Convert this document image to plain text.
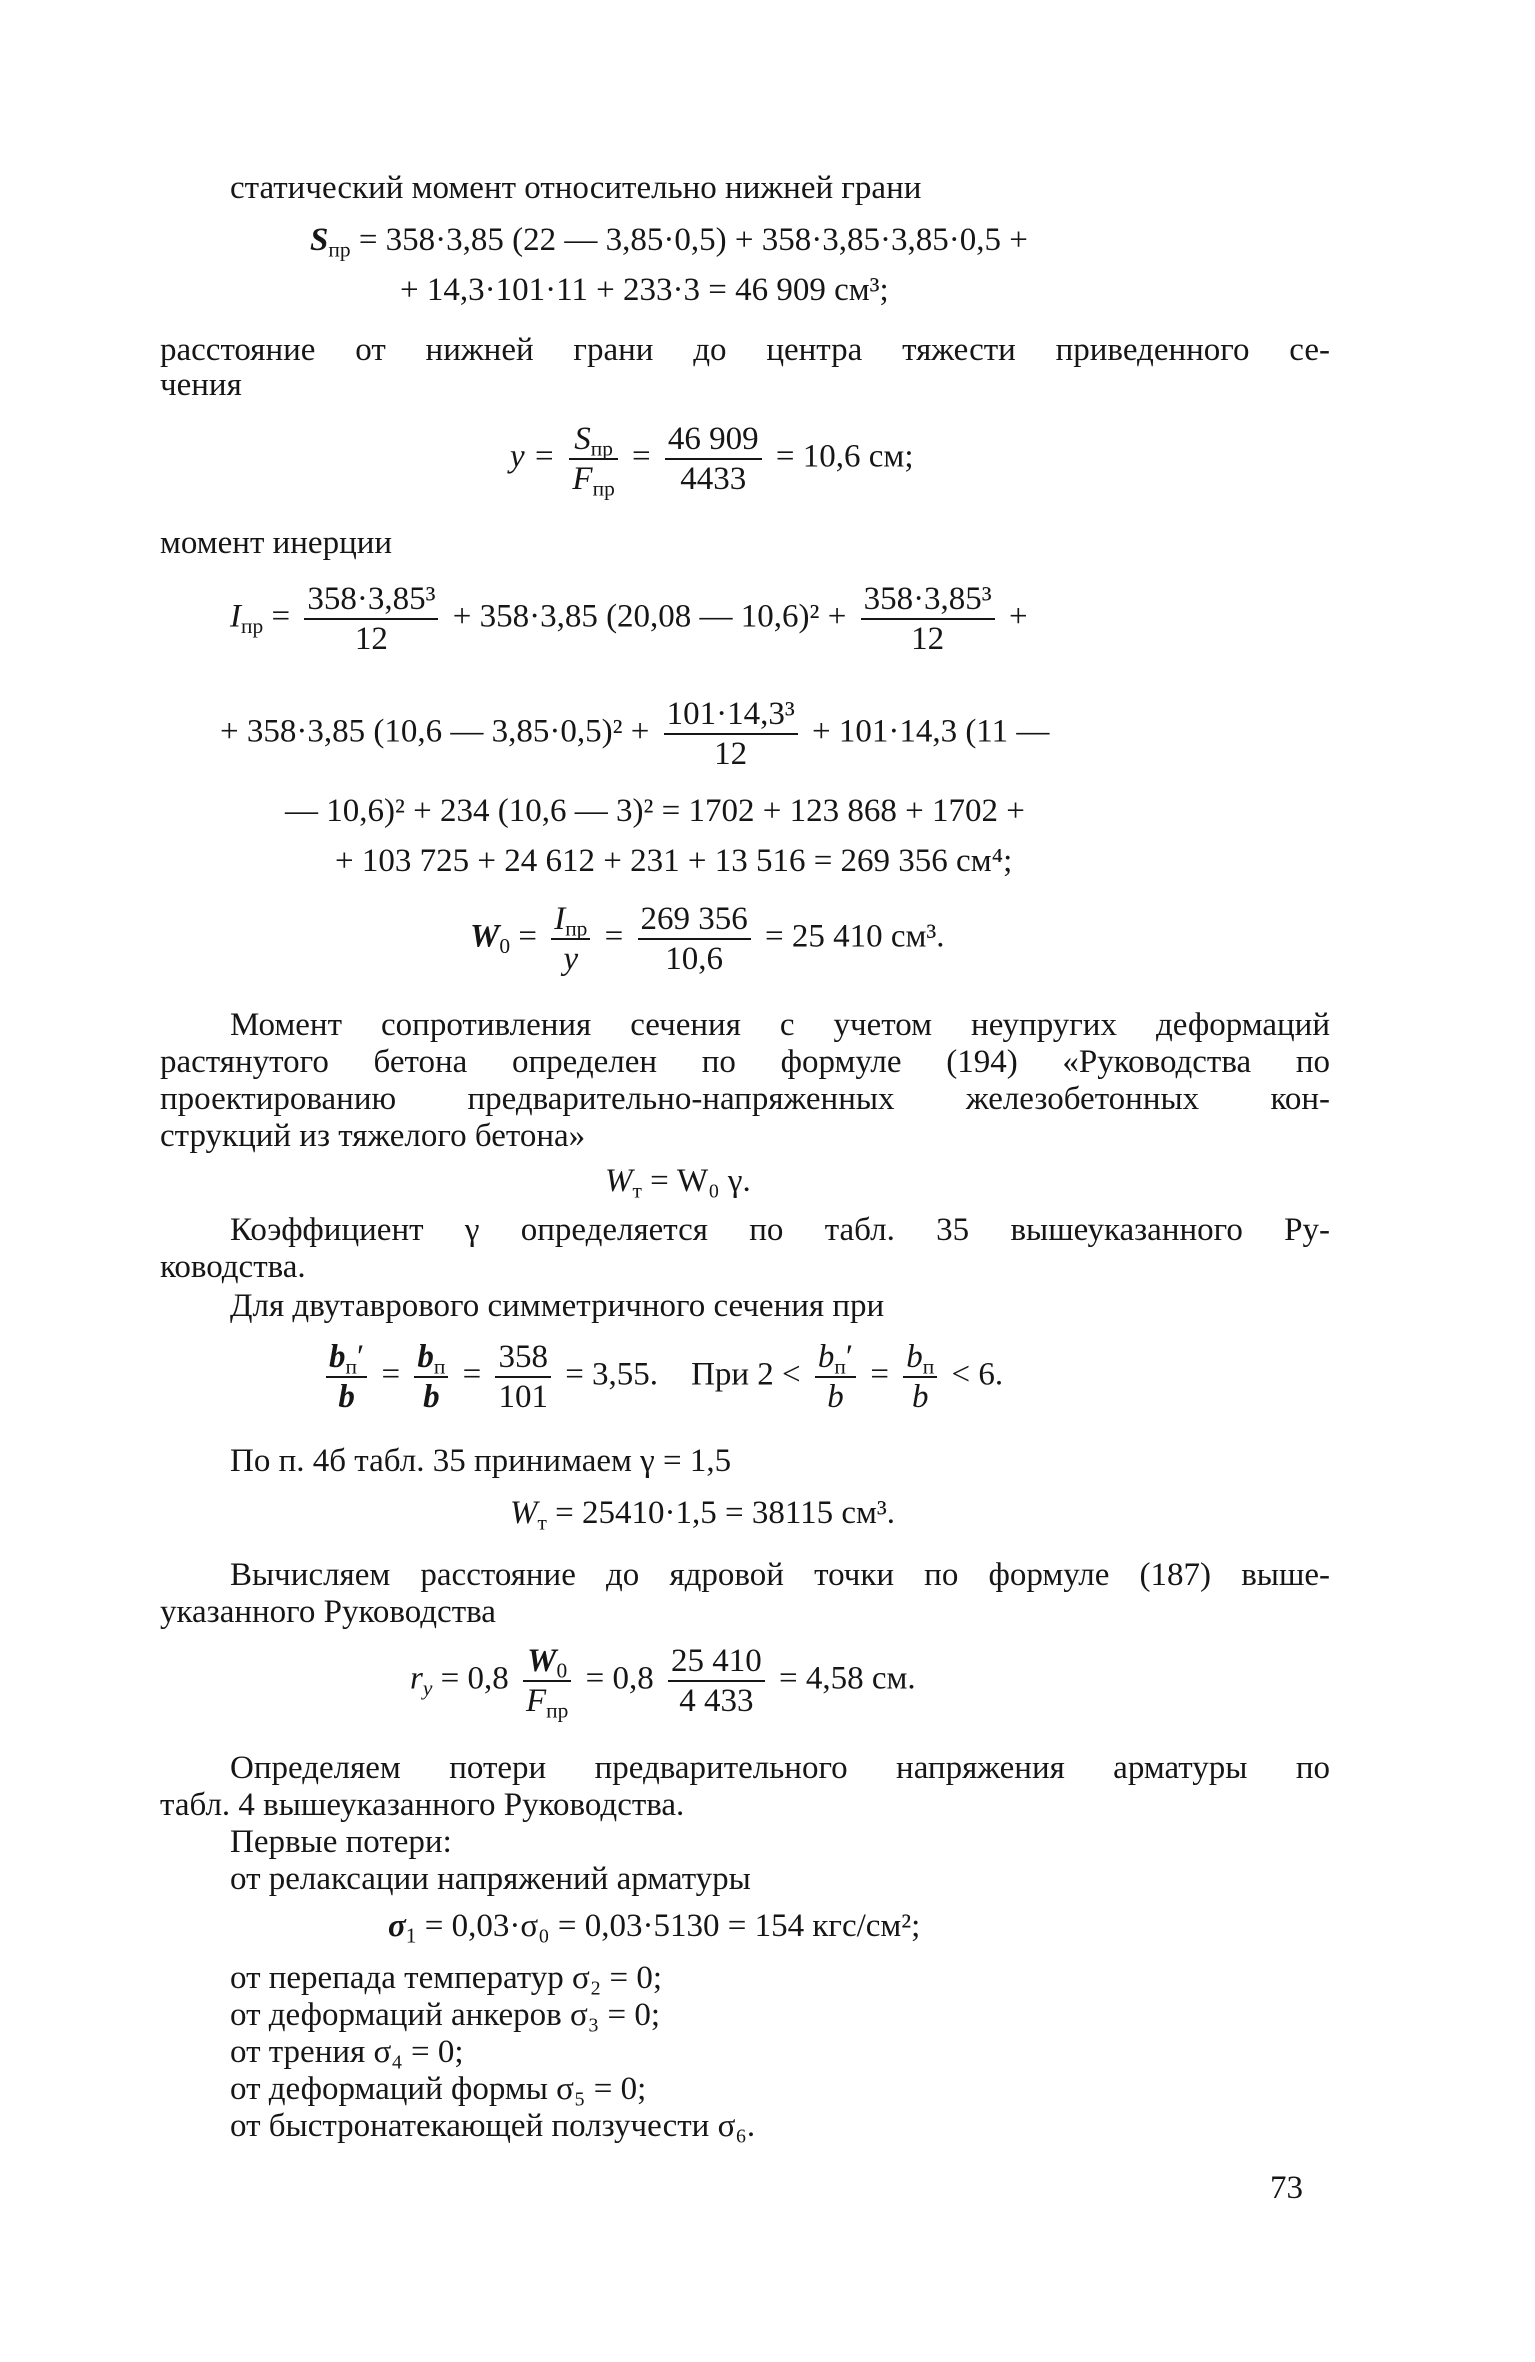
статический момент относительно нижней грани
$S_{пр} = 358\cdot 3,85$ (22 — 3,85·0,5) + 358·3,85·3,85·0,5 +
+ 14,3·101·11 + 233·3 = 46 909 см³;
расстояние от нижней грани до центра тяжести приведенного се-
чения
$y = \frac{S_{пр}}{F_{пр}} = \frac{46 909}{4433} = 10,6$ см;
момент инерции
$I_{пр} = \frac{\text{358·3,85³}}{12} + 358\cdot 3,85$ (20,08 — $10,6)^2 + \frac{\text{358·3,85³}}{12}$ +
+ 358·3,85 (10,6 — $3,85\cdot 0,5)^2 + \frac{\text{101·14,3³}}{12} + 101\cdot 14,3$ (11 —
— 10,6)² + 234 (10,6 — 3)² = 1702 + 123 868 + 1702 +
+ 103 725 + 24 612 + 231 + 13 516 = 269 356 см⁴;
$W_0 = \frac{I_{пр}}{y} = \frac{269 356}{10,6} = 25$ 410 см³.
Момент сопротивления сечения с учетом неупругих деформаций
растянутого бетона определен по формуле (194) «Руководства по
проектированию предварительно-напряженных железобетонных кон-
струкций из тяжелого бетона»
$W_т = W_0$ γ.
Коэффициент γ определяется по табл. 35 вышеуказанного Ру-
ководства.
Для двутаврового симметричного сечения при
$\frac{b_п'}{b} = \frac{b_п}{b} = \frac{358}{101} = 3,55$. При $2 < \frac{b_п'}{b} = \frac{b_п}{b} < 6$.
По п. 4б табл. 35 принимаем γ = 1,5
$W_т = 25410\cdot 1,5 = 38115$ см³.
Вычисляем расстояние до ядровой точки по формуле (187) выше-
указанного Руководства
$r_y = 0,8 \frac{W_0}{F_{пр}} = 0,8 \frac{25 410}{4 433} = 4,58$ см.
Определяем потери предварительного напряжения арматуры по
табл. 4 вышеуказанного Руководства.
Первые потери:
от релаксации напряжений арматуры
$\sigma_1 = 0,03\cdot\sigma_0 = 0,03\cdot 5130 = 154$ кгс/см²;
от перепада температур σ₂ = 0;
от деформаций анкеров σ₃ = 0;
от трения σ₄ = 0;
от деформаций формы σ₅ = 0;
от быстронатекающей ползучести σ₆.
73
